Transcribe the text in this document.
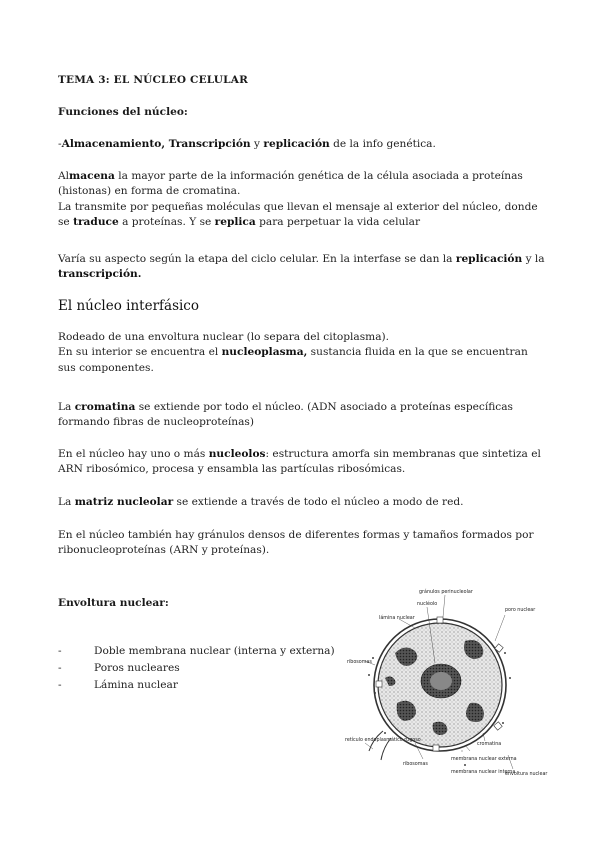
TEMA 3: EL NÚCLEO CELULAR
Funciones del núcleo:

-Almacenamiento, Transcripción y replicación de la info genética.

Almacena la mayor parte de la información genética de la célula asociada a proteínas (histonas) en forma de cromatina.
La transmite por pequeñas moléculas que llevan el mensaje al exterior del núcleo, donde se traduce a proteínas. Y se replica para perpetuar la vida celular

Varía su aspecto según la etapa del ciclo celular. En la interfase se dan la replicación y la transcripción.

El núcleo interfásico

Rodeado de una envoltura nuclear (lo separa del citoplasma).
En su interior se encuentra el nucleoplasma, sustancia fluida en la que se encuentran sus componentes.

La cromatina se extiende por todo el núcleo. (ADN asociado a proteínas específicas formando fibras de nucleoproteínas)

En el núcleo hay uno o más nucleolos: estructura amorfa sin membranas que sintetiza el ARN ribosómico, procesa y ensambla las partículas ribosómicas.

La matriz nucleolar se extiende a través de todo el núcleo a modo de red.

En el núcleo también hay gránulos densos de diferentes formas y tamaños formados por ribonucleoproteínas (ARN y proteínas).

Envoltura nuclear:
-	Doble membrana nuclear (interna y externa)
-	Poros nucleares
-	Lámina nuclear
gránulos perinucleolar
nucléolo
lámina nuclear
poro nuclear
ribosomas
ribosomas
cromatina
retículo endoplasmático rugoso
membrana nuclear externa
membrana nuclear interna
envoltura nuclear
